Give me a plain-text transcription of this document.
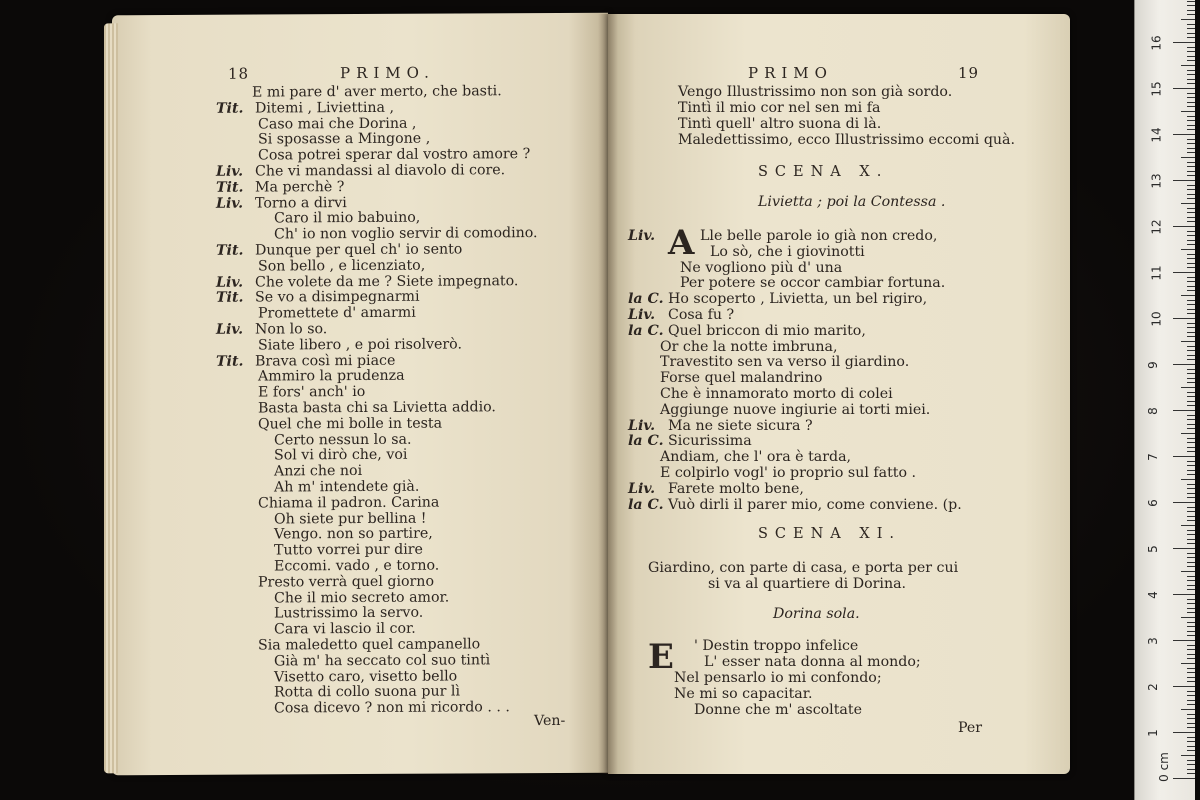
18	PRIMO.
E mi pare d' aver merto, che basti.
Tit. Ditemi , Liviettina ,
Caso mai che Dorina ,
Si sposasse a Mingone ,
Cosa potrei sperar dal vostro amore ?
Liv. Che vi mandassi al diavolo di core.
Tit. Ma perchè ?
Liv. Torno a dirvi
Caro il mio babuino,
Ch' io non voglio servir di comodino.
Tit. Dunque per quel ch' io sento
Son bello , e licenziato,
Liv. Che volete da me ? Siete impegnato.
Tit. Se vo a disimpegnarmi
Promettete d' amarmi
Liv. Non lo so.
Siate libero , e poi risolverò.
Tit. Brava così mi piace
Ammiro la prudenza
E fors' anch' io
Basta basta chi sa Livietta addio.
Quel che mi bolle in testa
Certo nessun lo sa.
Sol vi dirò che, voi
Anzi che noi
Ah m' intendete già.
Chiama il padron. Carina
Oh siete pur bellina !
Vengo. non so partire,
Tutto vorrei pur dire
Eccomi. vado , e torno.
Presto verrà quel giorno
Che il mio secreto amor.
Lustrissimo la servo.
Cara vi lascio il cor.
Sia maledetto quel campanello
Già m' ha seccato col suo tintì
Visetto caro, visetto bello
Rotta di collo suona pur lì
Cosa dicevo ? non mi ricordo . . .
Ven-
PRIMO	19
Vengo Illustrissimo non son già sordo.
Tintì il mio cor nel sen mi fa
Tintì quell' altro suona di là.
Maledettissimo, ecco Illustrissimo eccomi quà.
SCENA X.
Livietta ; poi la Contessa .
A
Liv.	Lle belle parole io già non credo,
Lo sò, che i giovinotti
Ne vogliono più d' una
Per potere se occor cambiar fortuna.
la C. Ho scoperto , Livietta, un bel rigiro,
Liv. Cosa fu ?
la C. Quel briccon di mio marito,
Or che la notte imbruna,
Travestito sen va verso il giardino.
Forse quel malandrino
Che è innamorato morto di colei
Aggiunge nuove ingiurie ai torti miei.
Liv. Ma ne siete sicura ?
la C. Sicurissima
Andiam, che l' ora è tarda,
E colpirlo vogl' io proprio sul fatto .
Liv. Farete molto bene,
la C. Vuò dirli il parer mio, come conviene. (p.
SCENA XI.
Giardino, con parte di casa, e porta per cui
si va al quartiere di Dorina.
Dorina sola.
E ' Destin troppo infelice
L' esser nata donna al mondo;
Nel pensarlo io mi confondo;
Ne mi so capacitar.
Donne che m' ascoltate
Per	1
2
3
4
5
6
7
8
9
10
11
12
13
14
15
16
0 cm
